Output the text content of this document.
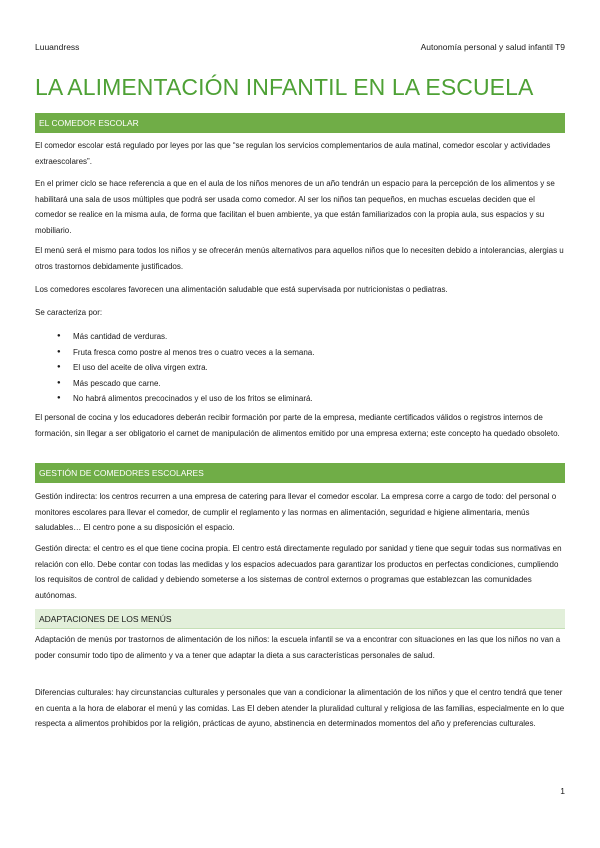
Luuandress	Autonomía personal y salud infantil T9
LA ALIMENTACIÓN INFANTIL EN LA ESCUELA
EL COMEDOR ESCOLAR

El comedor escolar está regulado por leyes por las que “se regulan los servicios complementarios de aula matinal, comedor escolar y actividades extraescolares”.

En el primer ciclo se hace referencia a que en el aula de los niños menores de un año tendrán un espacio para la percepción de los alimentos y se habilitará una sala de usos múltiples que podrá ser usada como comedor. Al ser los niños tan pequeños, en muchas escuelas deciden que el comedor se realice en la misma aula, de forma que facilitan el buen ambiente, ya que están familiarizados con la propia aula, sus espacios y su mobiliario.

El menú será el mismo para todos los niños y se ofrecerán menús alternativos para aquellos niños que lo necesiten debido a intolerancias, alergias u otros trastornos debidamente justificados.

Los comedores escolares favorecen una alimentación saludable que está supervisada por nutricionistas o pediatras.

Se caracteriza por:

● Más cantidad de verduras.
● Fruta fresca como postre al menos tres o cuatro veces a la semana.
● El uso del aceite de oliva virgen extra.
● Más pescado que carne.
● No habrá alimentos precocinados y el uso de los fritos se eliminará.

El personal de cocina y los educadores deberán recibir formación por parte de la empresa, mediante certificados válidos o registros internos de formación, sin llegar a ser obligatorio el carnet de manipulación de alimentos emitido por una empresa externa; este concepto ha quedado obsoleto.

GESTIÓN DE COMEDORES ESCOLARES

Gestión indirecta: los centros recurren a una empresa de catering para llevar el comedor escolar. La empresa corre a cargo de todo: del personal o monitores escolares para llevar el comedor, de cumplir el reglamento y las normas en alimentación, seguridad e higiene alimentaria, menús saludables… El centro pone a su disposición el espacio.

Gestión directa: el centro es el que tiene cocina propia. El centro está directamente regulado por sanidad y tiene que seguir todas sus normativas en relación con ello. Debe contar con todas las medidas y los espacios adecuados para garantizar los productos en perfectas condiciones, cumpliendo los requisitos de control de calidad y debiendo someterse a los sistemas de control externos o programas que establezcan las comunidades autónomas.

ADAPTACIONES DE LOS MENÚS

Adaptación de menús por trastornos de alimentación de los niños: la escuela infantil se va a encontrar con situaciones en las que los niños no van a poder consumir todo tipo de alimento y va a tener que adaptar la dieta a sus características personales de salud.

Diferencias culturales: hay circunstancias culturales y personales que van a condicionar la alimentación de los niños y que el centro tendrá que tener en cuenta a la hora de elaborar el menú y las comidas. Las EI deben atender la pluralidad cultural y religiosa de las familias, especialmente en lo que respecta a alimentos prohibidos por la religión, prácticas de ayuno, abstinencia en determinados momentos del año y preferencias culturales.

1
